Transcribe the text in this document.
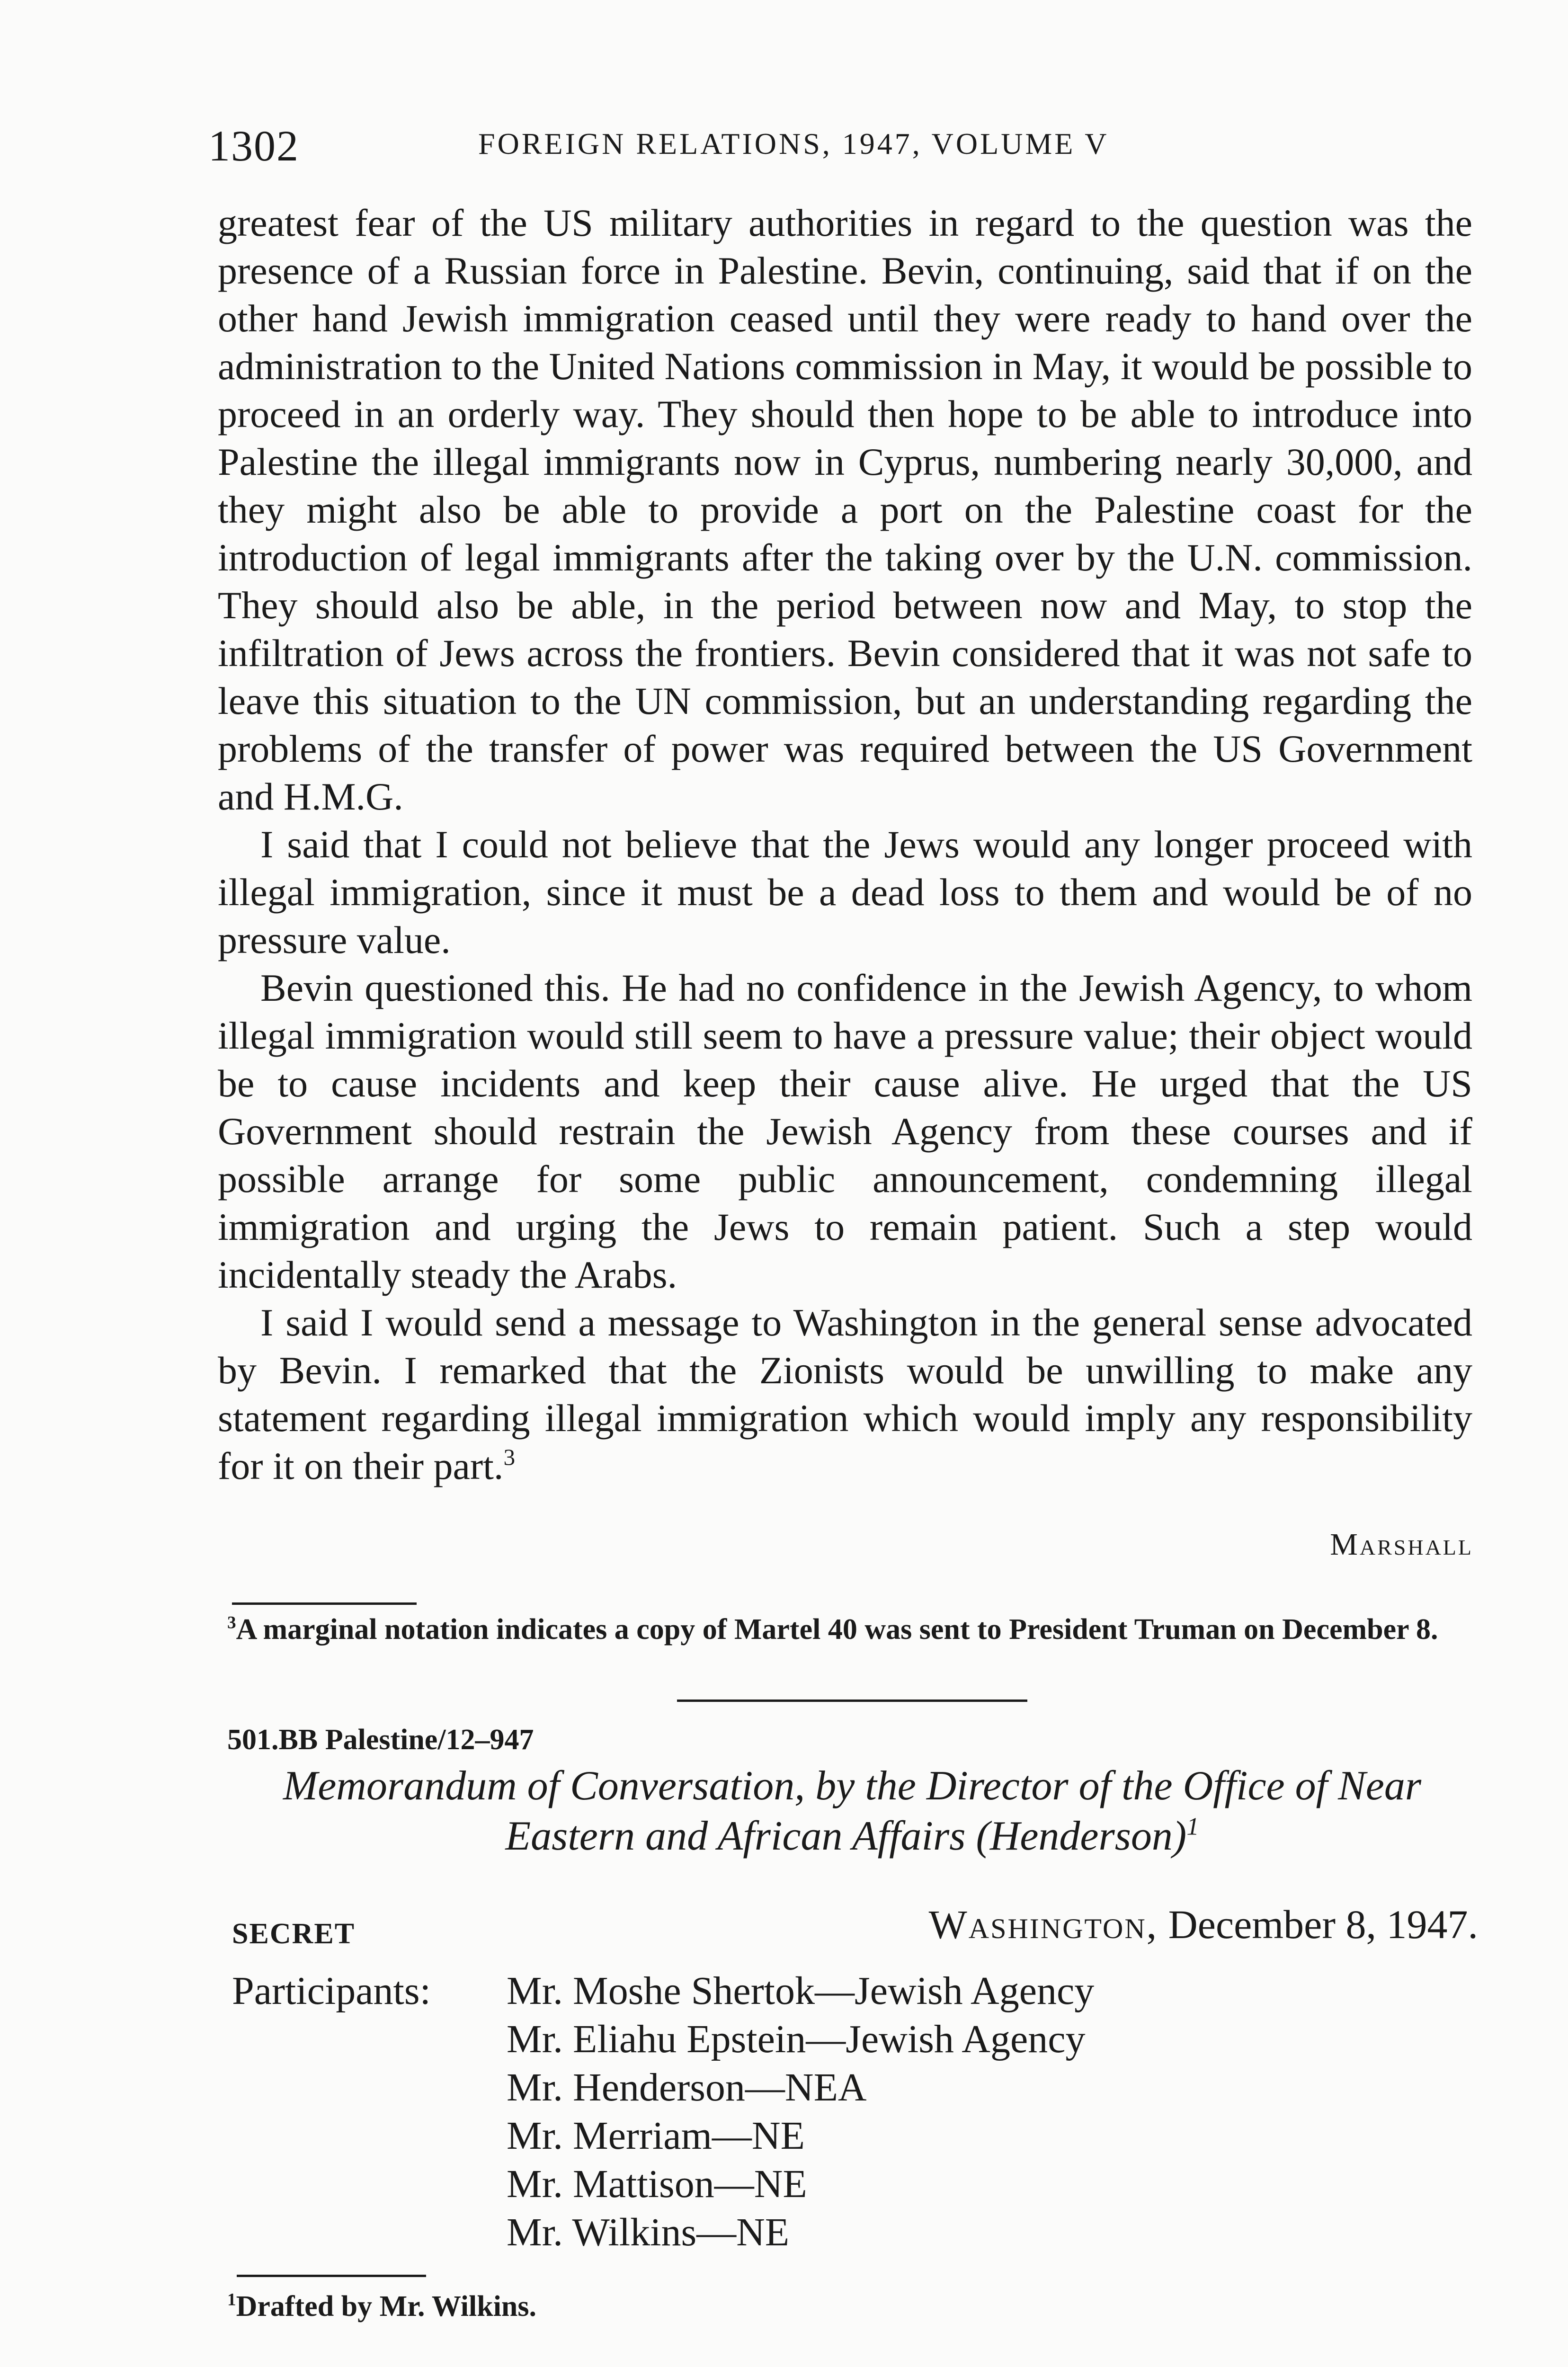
1302	FOREIGN RELATIONS, 1947, VOLUME V

greatest fear of the US military authorities in regard to the question was the presence of a Russian force in Palestine. Bevin, continuing, said that if on the other hand Jewish immigration ceased until they were ready to hand over the administration to the United Nations commission in May, it would be possible to proceed in an orderly way. They should then hope to be able to introduce into Palestine the illegal immigrants now in Cyprus, numbering nearly 30,000, and they might also be able to provide a port on the Palestine coast for the introduction of legal immigrants after the taking over by the U.N. commission. They should also be able, in the period between now and May, to stop the infiltration of Jews across the frontiers. Bevin considered that it was not safe to leave this situation to the UN commission, but an understanding regarding the problems of the transfer of power was required between the US Government and H.M.G.

I said that I could not believe that the Jews would any longer proceed with illegal immigration, since it must be a dead loss to them and would be of no pressure value.

Bevin questioned this. He had no confidence in the Jewish Agency, to whom illegal immigration would still seem to have a pressure value; their object would be to cause incidents and keep their cause alive. He urged that the US Government should restrain the Jewish Agency from these courses and if possible arrange for some public announcement, condemning illegal immigration and urging the Jews to remain patient. Such a step would incidentally steady the Arabs.

I said I would send a message to Washington in the general sense advocated by Bevin. I remarked that the Zionists would be unwilling to make any statement regarding illegal immigration which would imply any responsibility for it on their part.$^3$

Marshall
$^3$A marginal notation indicates a copy of Martel 40 was sent to President Truman on December 8.
501.BB Palestine/12–947
Memorandum of Conversation, by the Director of the Office of Near Eastern and African Affairs (Henderson)$^1$
SECRET	Washington, December 8, 1947.
Participants: Mr. Moshe Shertok—Jewish Agency
Mr. Eliahu Epstein—Jewish Agency
Mr. Henderson—NEA
Mr. Merriam—NE
Mr. Mattison—NE
Mr. Wilkins—NE
$^1$Drafted by Mr. Wilkins.
